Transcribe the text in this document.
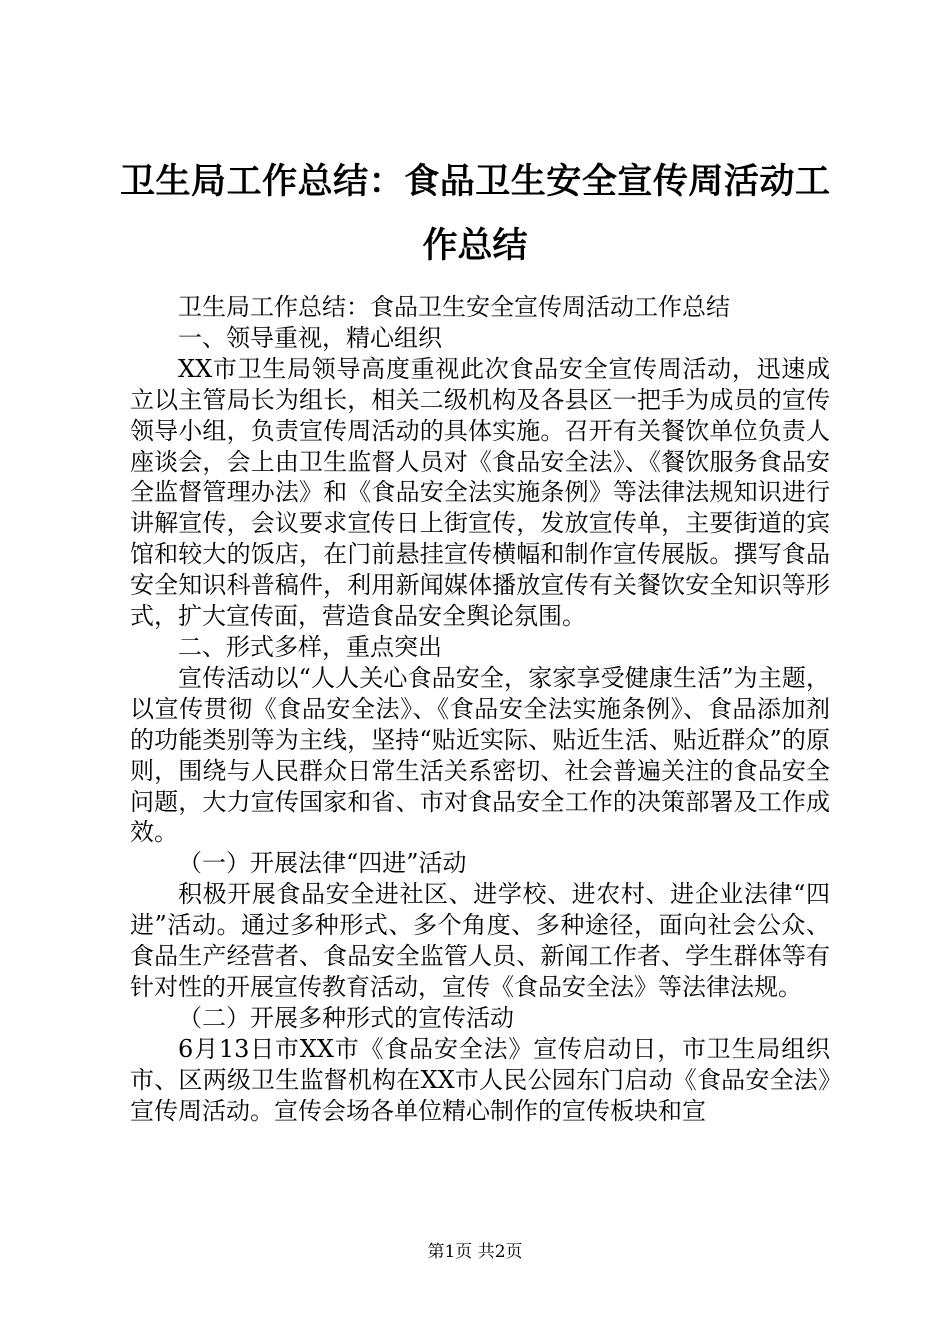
卫生局工作总结：食品卫生安全宣传周活动工
作总结

卫生局工作总结：食品卫生安全宣传周活动工作总结

一、领导重视，精心组织

XX市卫生局领导高度重视此次食品安全宣传周活动，迅速成立以主管局长为组长，相关二级机构及各县区一把手为成员的宣传领导小组，负责宣传周活动的具体实施。召开有关餐饮单位负责人座谈会，会上由卫生监督人员对《食品安全法》、《餐饮服务食品安全监督管理办法》和《食品安全法实施条例》等法律法规知识进行讲解宣传，会议要求宣传日上街宣传，发放宣传单，主要街道的宾馆和较大的饭店，在门前悬挂宣传横幅和制作宣传展版。撰写食品安全知识科普稿件，利用新闻媒体播放宣传有关餐饮安全知识等形式，扩大宣传面，营造食品安全舆论氛围。

二、形式多样，重点突出

宣传活动以“人人关心食品安全，家家享受健康生活”为主题，以宣传贯彻《食品安全法》、《食品安全法实施条例》、食品添加剂的功能类别等为主线，坚持“贴近实际、贴近生活、贴近群众”的原则，围绕与人民群众日常生活关系密切、社会普遍关注的食品安全问题，大力宣传国家和省、市对食品安全工作的决策部署及工作成效。

（一）开展法律“四进”活动

积极开展食品安全进社区、进学校、进农村、进企业法律“四进”活动。通过多种形式、多个角度、多种途径，面向社会公众、食品生产经营者、食品安全监管人员、新闻工作者、学生群体等有针对性的开展宣传教育活动，宣传《食品安全法》等法律法规。

（二）开展多种形式的宣传活动

6月13日市XX市《食品安全法》宣传启动日，市卫生局组织市、区两级卫生监督机构在XX市人民公园东门启动《食品安全法》宣传周活动。宣传会场各单位精心制作的宣传板块和宣

第1页 共2页
